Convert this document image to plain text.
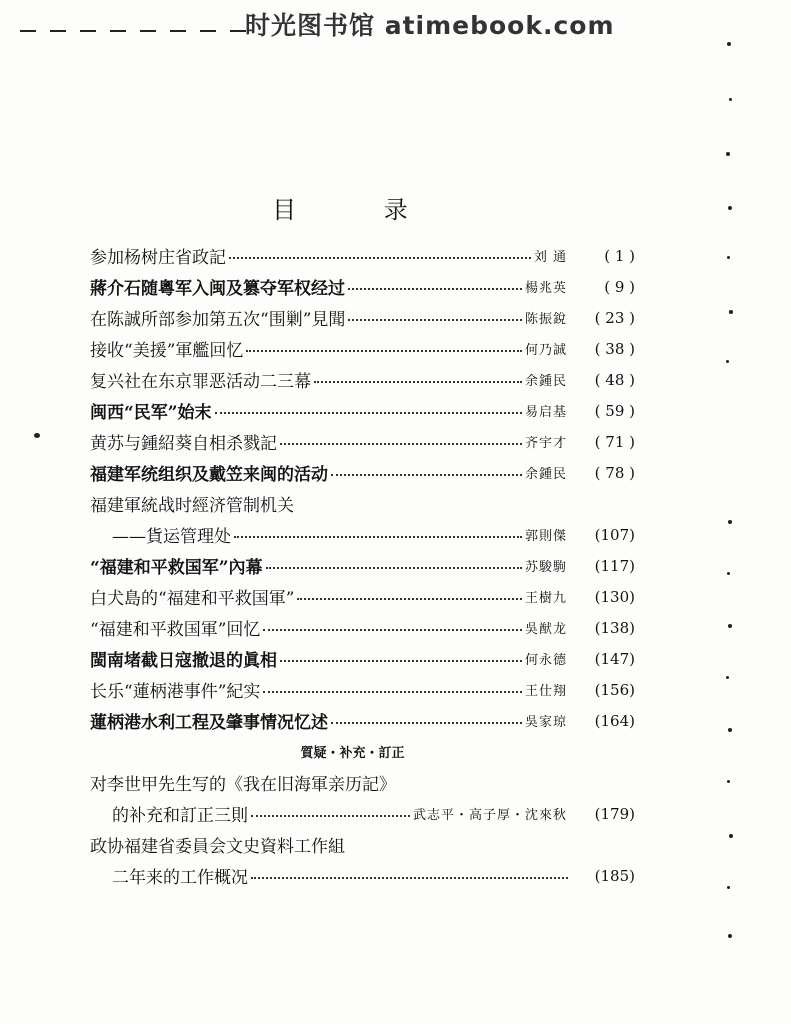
时光图书馆 atimebook.com
目 录
参加杨树庄省政記	刘 通	( 1 )
蔣介石随粵军入闽及篡夺军权经过	楊兆英	( 9 )
在陈誠所部参加第五次“围剿”見聞	陈振銳	( 23 )
接收“美援”軍艦回忆	何乃誠	( 38 )
复兴社在东京罪恶活动二三幕	余鍾民	( 48 )
闽西“民军”始末	易启基	( 59 )
黄苏与鍾紹葵自相杀戮記	齐宇才	( 71 )
福建军统组织及戴笠来闽的活动	余鍾民	( 78 )
福建軍統战时經济管制机关
——貨运管理处	郭則傑	(107)
“福建和平救国军”內幕	苏駿駒	(117)
白犬島的“福建和平救国軍”	王樹九	(130)
“福建和平救国軍”回忆	吳猷龙	(138)
閩南堵截日寇撤退的眞相	何永德	(147)
长乐“蓮柄港事件”紀实	王仕翔	(156)
蓮柄港水利工程及肇事情况忆述	吳家琼	(164)
質疑・补充・訂正
对李世甲先生写的《我在旧海軍亲历記》
的补充和訂正三則	武志平・高子厚・沈來秋	(179)
政协福建省委員会文史資料工作組
二年来的工作概况	(185)
